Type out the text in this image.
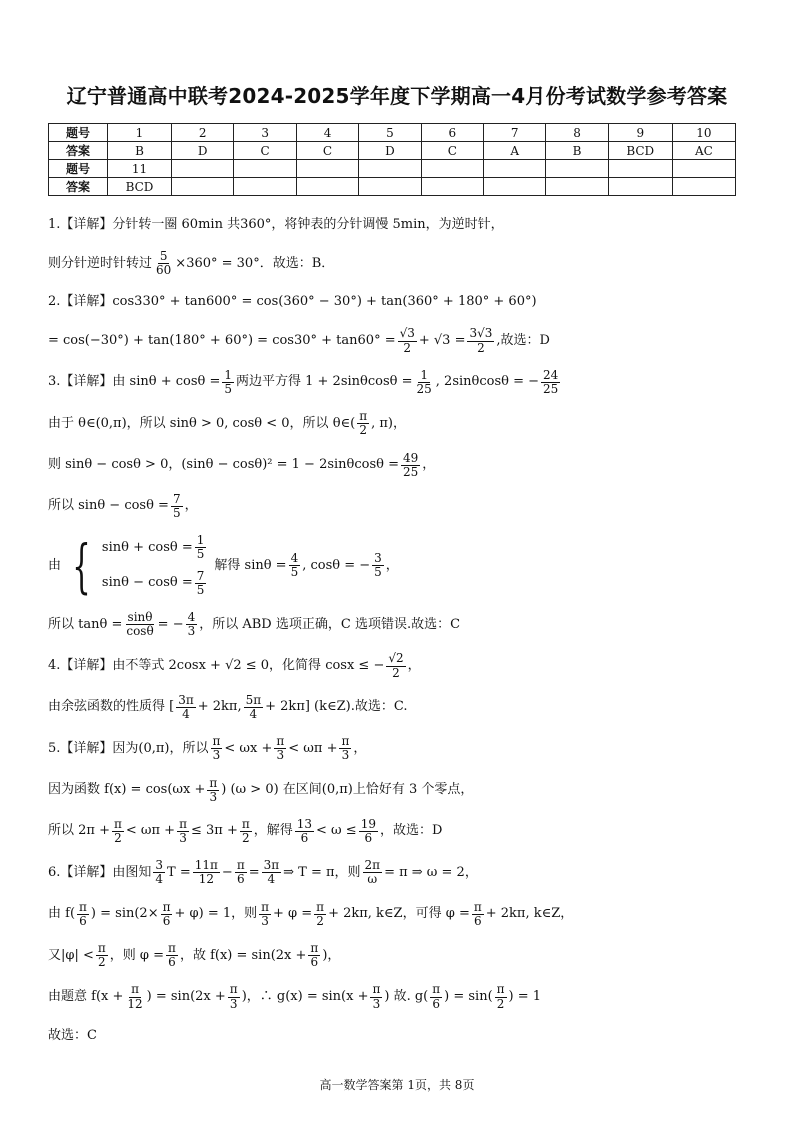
辽宁普通高中联考2024-2025学年度下学期高一4月份考试数学参考答案
题号	1	2	3	4	5	6	7	8	9	10
答案	B	D	C	C	D	C	A	B	BCD	AC
题号	11									
答案	BCD									
1.【详解】分针转一圈 60min 共360°，将钟表的分针调慢 5min，为逆时针，
则分针逆时针转过 $\frac{5}{60} \times 360^\circ = 30^\circ$．故选：B．
2.【详解】cos330° + tan600° = cos(360° − 30°) + tan(360° + 180° + 60°)
= $\cos(-30^\circ) + \tan(180^\circ + 60^\circ) = \cos 30^\circ + \tan 60^\circ = \frac{√3}{2} + √3 = \frac{3√3}{2}$ ,故选：D
3.【详解】由 $\sin\theta + \cos\theta = \frac{1}{5}$ 两边平方得 $1 + 2\sin\theta\cos\theta = \frac{1}{25}$ , 2sinθcosθ = − $\frac{24}{25}$
由于 θ∈(0,π)，所以 sinθ > 0, cosθ < 0，所以 θ∈( $\frac{\pi}{2}$ , π)，
则 sinθ − cosθ > 0，$(\sin\theta - \cos\theta)^2 = 1 - 2\sin\theta\cos\theta = \frac{49}{25}$ ，
所以 $\sin\theta - \cos\theta = \frac{7}{5}$ ，
由 { $\sin\theta + \cos\theta = \frac{1}{5}$
$\sin\theta - \cos\theta = \frac{7}{5}$
解得 $\sin\theta = \frac{4}{5}$ , cosθ = − $\frac{3}{5}$ ，
所以 $\tan\theta = \frac{\sin\theta}{\cos\theta}$ = − $\frac{4}{3}$ ，所以 ABD 选项正确，C 选项错误.故选：C
4.【详解】由不等式 2cosx + √2 ≤ 0，化简得 cosx ≤ − $\frac{√2}{2}$ ，
由余弦函数的性质得 [ $\frac{3\pi}{4} + 2k\pi$, $\frac{5\pi}{4} + 2k\pi$] (k∈Z).故选：C.
5.【详解】因为(0,π)，所以 $\frac{\pi}{3} < \omega x + \frac{\pi}{3} < \omega\pi + \frac{\pi}{3}$ ，
因为函数 $f(x) = \cos(\omega x + \frac{\pi}{3}$ ) (ω > 0) 在区间(0,π)上恰好有 3 个零点，
所以 $2\pi + \frac{\pi}{2} < \omega\pi + \frac{\pi}{3} \le 3\pi + \frac{\pi}{2}$ ，解得 $\frac{13}{6} < \omega \le \frac{19}{6}$ ，故选：D
6.【详解】由图知 $\frac{3}{4}$ $T = \frac{11\pi}{12} - \frac{\pi}{6} = \frac{3\pi}{4}$ ⇒ T = π，则 $\frac{2\pi}{\omega} = \pi$ ⇒ ω = 2，
由 $f( \frac{\pi}{6}$ ) = $\sin(2\times \frac{\pi}{6} + \varphi) = 1$，则 $\frac{\pi}{3} + \varphi = \frac{\pi}{2} + 2k\pi$, k∈Z，可得 $\varphi = \frac{\pi}{6} + 2k\pi$, k∈Z，
又$|\varphi| < \frac{\pi}{2}$ ，则 $\varphi = \frac{\pi}{6}$ ，故 $f(x) = \sin(2x + \frac{\pi}{6}$ )，
由题意 $f(x + \frac{\pi}{12}$ ) = $\sin(2x + \frac{\pi}{3}$ )，∴ $g(x) = \sin(x + \frac{\pi}{3}$ ) 故. $g( \frac{\pi}{6}$ ) = $\sin( \frac{\pi}{2}$ ) = 1
故选：C
高一数学答案第 1页，共 8页
